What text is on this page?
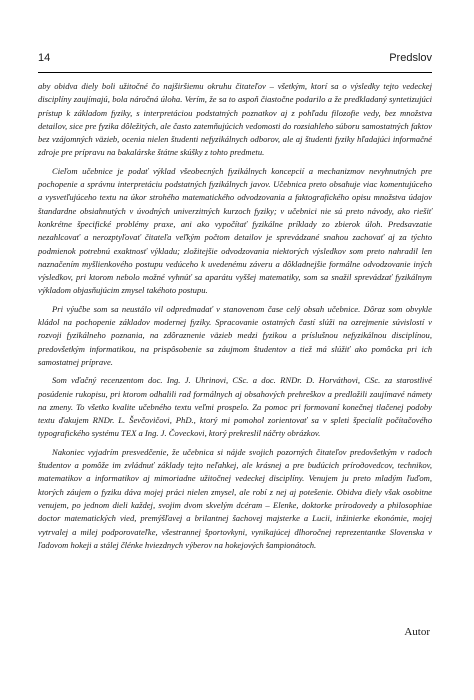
14	Predslov

aby obidva diely boli užitočné čo najširšiemu okruhu čitateľov – všetkým, ktorí sa o výsledky tejto vedeckej disciplíny zaujímajú, bola náročná úloha. Verím, že sa to aspoň čiastočne podarilo a že predkladaný syntetizujúci prístup k základom fyziky, s interpretáciou podstatných poznatkov aj z pohľadu filozofie vedy, bez množstva detailov, sice pre fyzika dôležitých, ale často zatemňujúcich vedomosti do rozsiahleho súboru samostatných faktov bez vzájomných väzieb, ocenia nielen študenti nefyzikálnych odborov, ale aj študenti fyziky hľadajúci informačné zdroje pre prípravu na bakalárske štátne skúšky z tohto predmetu.

Cieľom učebnice je podať výklad všeobecných fyzikálnych koncepcií a mechanizmov nevyhnutných pre pochopenie a správnu interpretáciu podstatných fyzikálnych javov. Učebnica preto obsahuje viac komentujúceho a vysvetľujúceho textu na úkor strohého matematického odvodzovania a faktografického opisu množstva údajov štandardne obsiahnutých v úvodných univerzitných kurzoch fyziky; v učebnici nie sú preto návody, ako riešiť konkrétne špecifické problémy praxe, ani ako vypočítať fyzikálne príklady zo zbierok úloh. Predsavzatie nezahlcovať a nerozptyľovať čitateľa veľkým počtom detailov je sprevádzané snahou zachovať aj za týchto podmienok potrebnú exaktnosť výkladu; zložitejšie odvodzovania niektorých výsledkov som preto nahradil len naznačením myšlienkového postupu vedúceho k uvedenému záveru a dôkladnejšie formálne odvodzovanie iných výsledkov, pri ktorom nebolo možné vyhnúť sa aparátu vyššej matematiky, som sa snažil sprevádzať fyzikálnym výkladom objasňujúcim zmysel takéhoto postupu.

Pri výučbe som sa neustálo vil odpredmadať v stanovenom čase celý obsah učebnice. Dôraz som obvykle kládol na pochopenie základov modernej fyziky. Spracovanie ostatných častí slúži na ozrejmenie súvislostí v rozvoji fyzikálneho poznania, na zdôraznenie väzieb medzi fyzikou a príslušnou nefyzikálnou disciplínou, predovšetkým informatikou, na prispôsobenie sa záujmom študentov a tiež má slúžiť ako pomôcka pri ich samostatnej príprave.

Som vďačný recenzentom doc. Ing. J. Uhrinovi, CSc. a doc. RNDr. D. Horváthovi, CSc. za starostlivé posúdenie rukopisu, pri ktorom odhalili rad formálnych aj obsahových prehreškov a predložili zaujímavé námety na zmeny. To všetko kvalite učebného textu veľmi prospelo. Za pomoc pri formovaní konečnej tlačenej podoby textu ďakujem RNDr. L. Ševčovičovi, PhD., ktorý mi pomohol zorientovať sa v spleti špecialít počítačového typografického systému TEX a Ing. J. Čoveckovi, ktorý prekreslil náčrty obrázkov.

Nakoniec vyjadrím presvedčenie, že učebnica si nájde svojich pozorných čitateľov predovšetkým v radoch študentov a pomôže im zvládnuť základy tejto neľahkej, ale krásnej a pre budúcich príroдovedcov, technikov, matematikov a informatikov aj mimoriadne užitočnej vedeckej disciplíny. Venujem ju preto mladým ľuďom, ktorých záujem o fyziku dáva mojej práci nielen zmysel, ale robí z nej aj potešenie. Obidva diely však osobitne venujem, po jednom dieli každej, svojim dvom skvelým dcéram – Elenke, doktorke prírodovedy a philosophiae doctor matematických vied, premýšľavej a brilantnej šachovej majsterke a Lucii, inžinierke ekonómie, mojej vytrvalej a milej podporovateľke, všestrannej športovkyni, vynikajúcej dlhoročnej reprezentantke Slovenska v ľadovom hokeji a stálej člénke hviezdnych výberov na hokejových šampionátoch.

Autor
